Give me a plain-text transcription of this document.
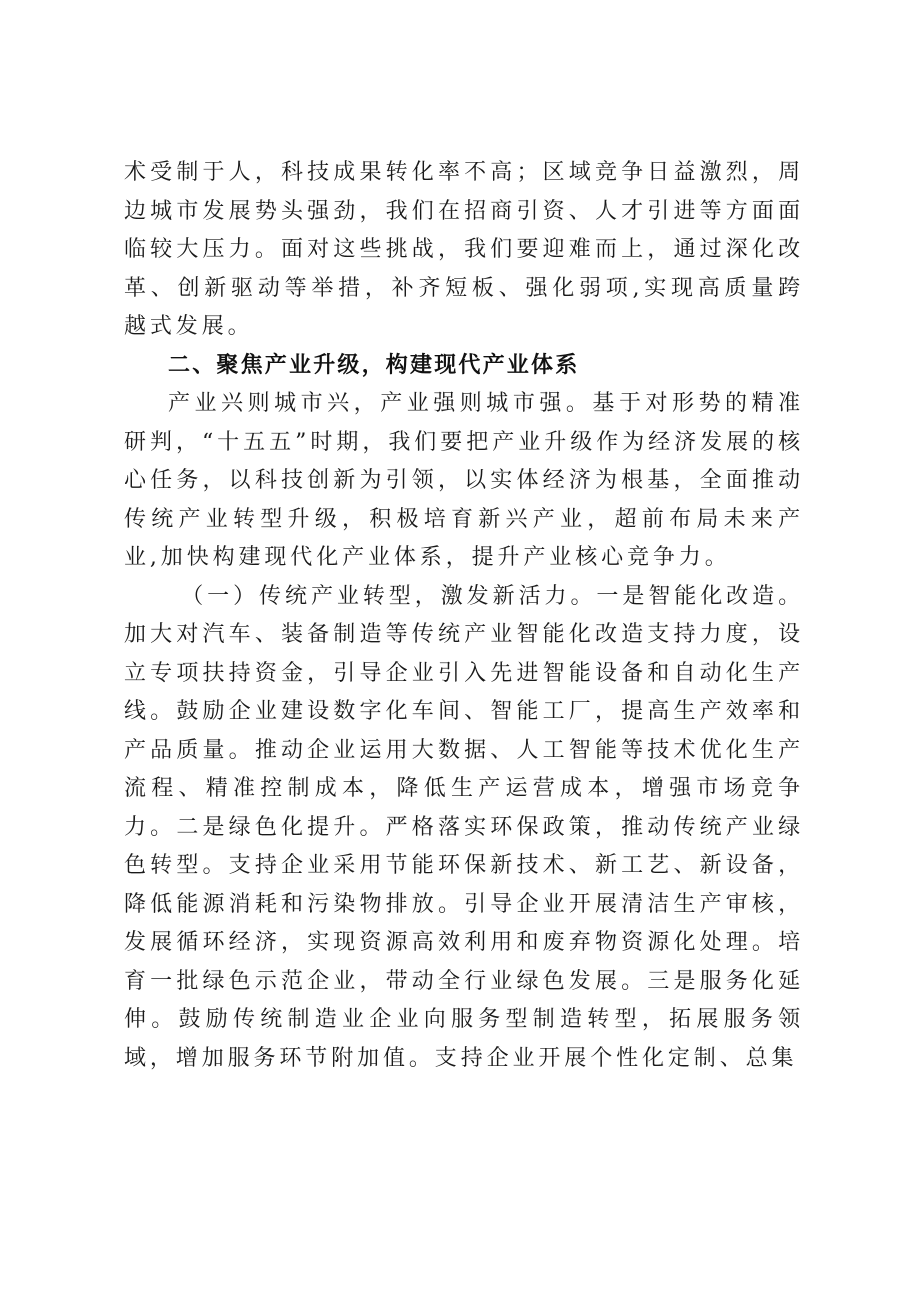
术受制于人，科技成果转化率不高；区域竞争日益激烈，周边城市发展势头强劲，我们在招商引资、人才引进等方面面临较大压力。面对这些挑战，我们要迎难而上，通过深化改革、创新驱动等举措，补齐短板、强化弱项,实现高质量跨越式发展。

二、聚焦产业升级，构建现代产业体系

产业兴则城市兴，产业强则城市强。基于对形势的精准研判，“十五五”时期，我们要把产业升级作为经济发展的核心任务，以科技创新为引领，以实体经济为根基，全面推动传统产业转型升级，积极培育新兴产业，超前布局未来产业,加快构建现代化产业体系，提升产业核心竞争力。

（一）传统产业转型，激发新活力。一是智能化改造。加大对汽车、装备制造等传统产业智能化改造支持力度，设立专项扶持资金，引导企业引入先进智能设备和自动化生产线。鼓励企业建设数字化车间、智能工厂，提高生产效率和产品质量。推动企业运用大数据、人工智能等技术优化生产流程、精准控制成本，降低生产运营成本，增强市场竞争力。二是绿色化提升。严格落实环保政策，推动传统产业绿色转型。支持企业采用节能环保新技术、新工艺、新设备，降低能源消耗和污染物排放。引导企业开展清洁生产审核，发展循环经济，实现资源高效利用和废弃物资源化处理。培育一批绿色示范企业，带动全行业绿色发展。三是服务化延伸。鼓励传统制造业企业向服务型制造转型，拓展服务领域，增加服务环节附加值。支持企业开展个性化定制、总集
